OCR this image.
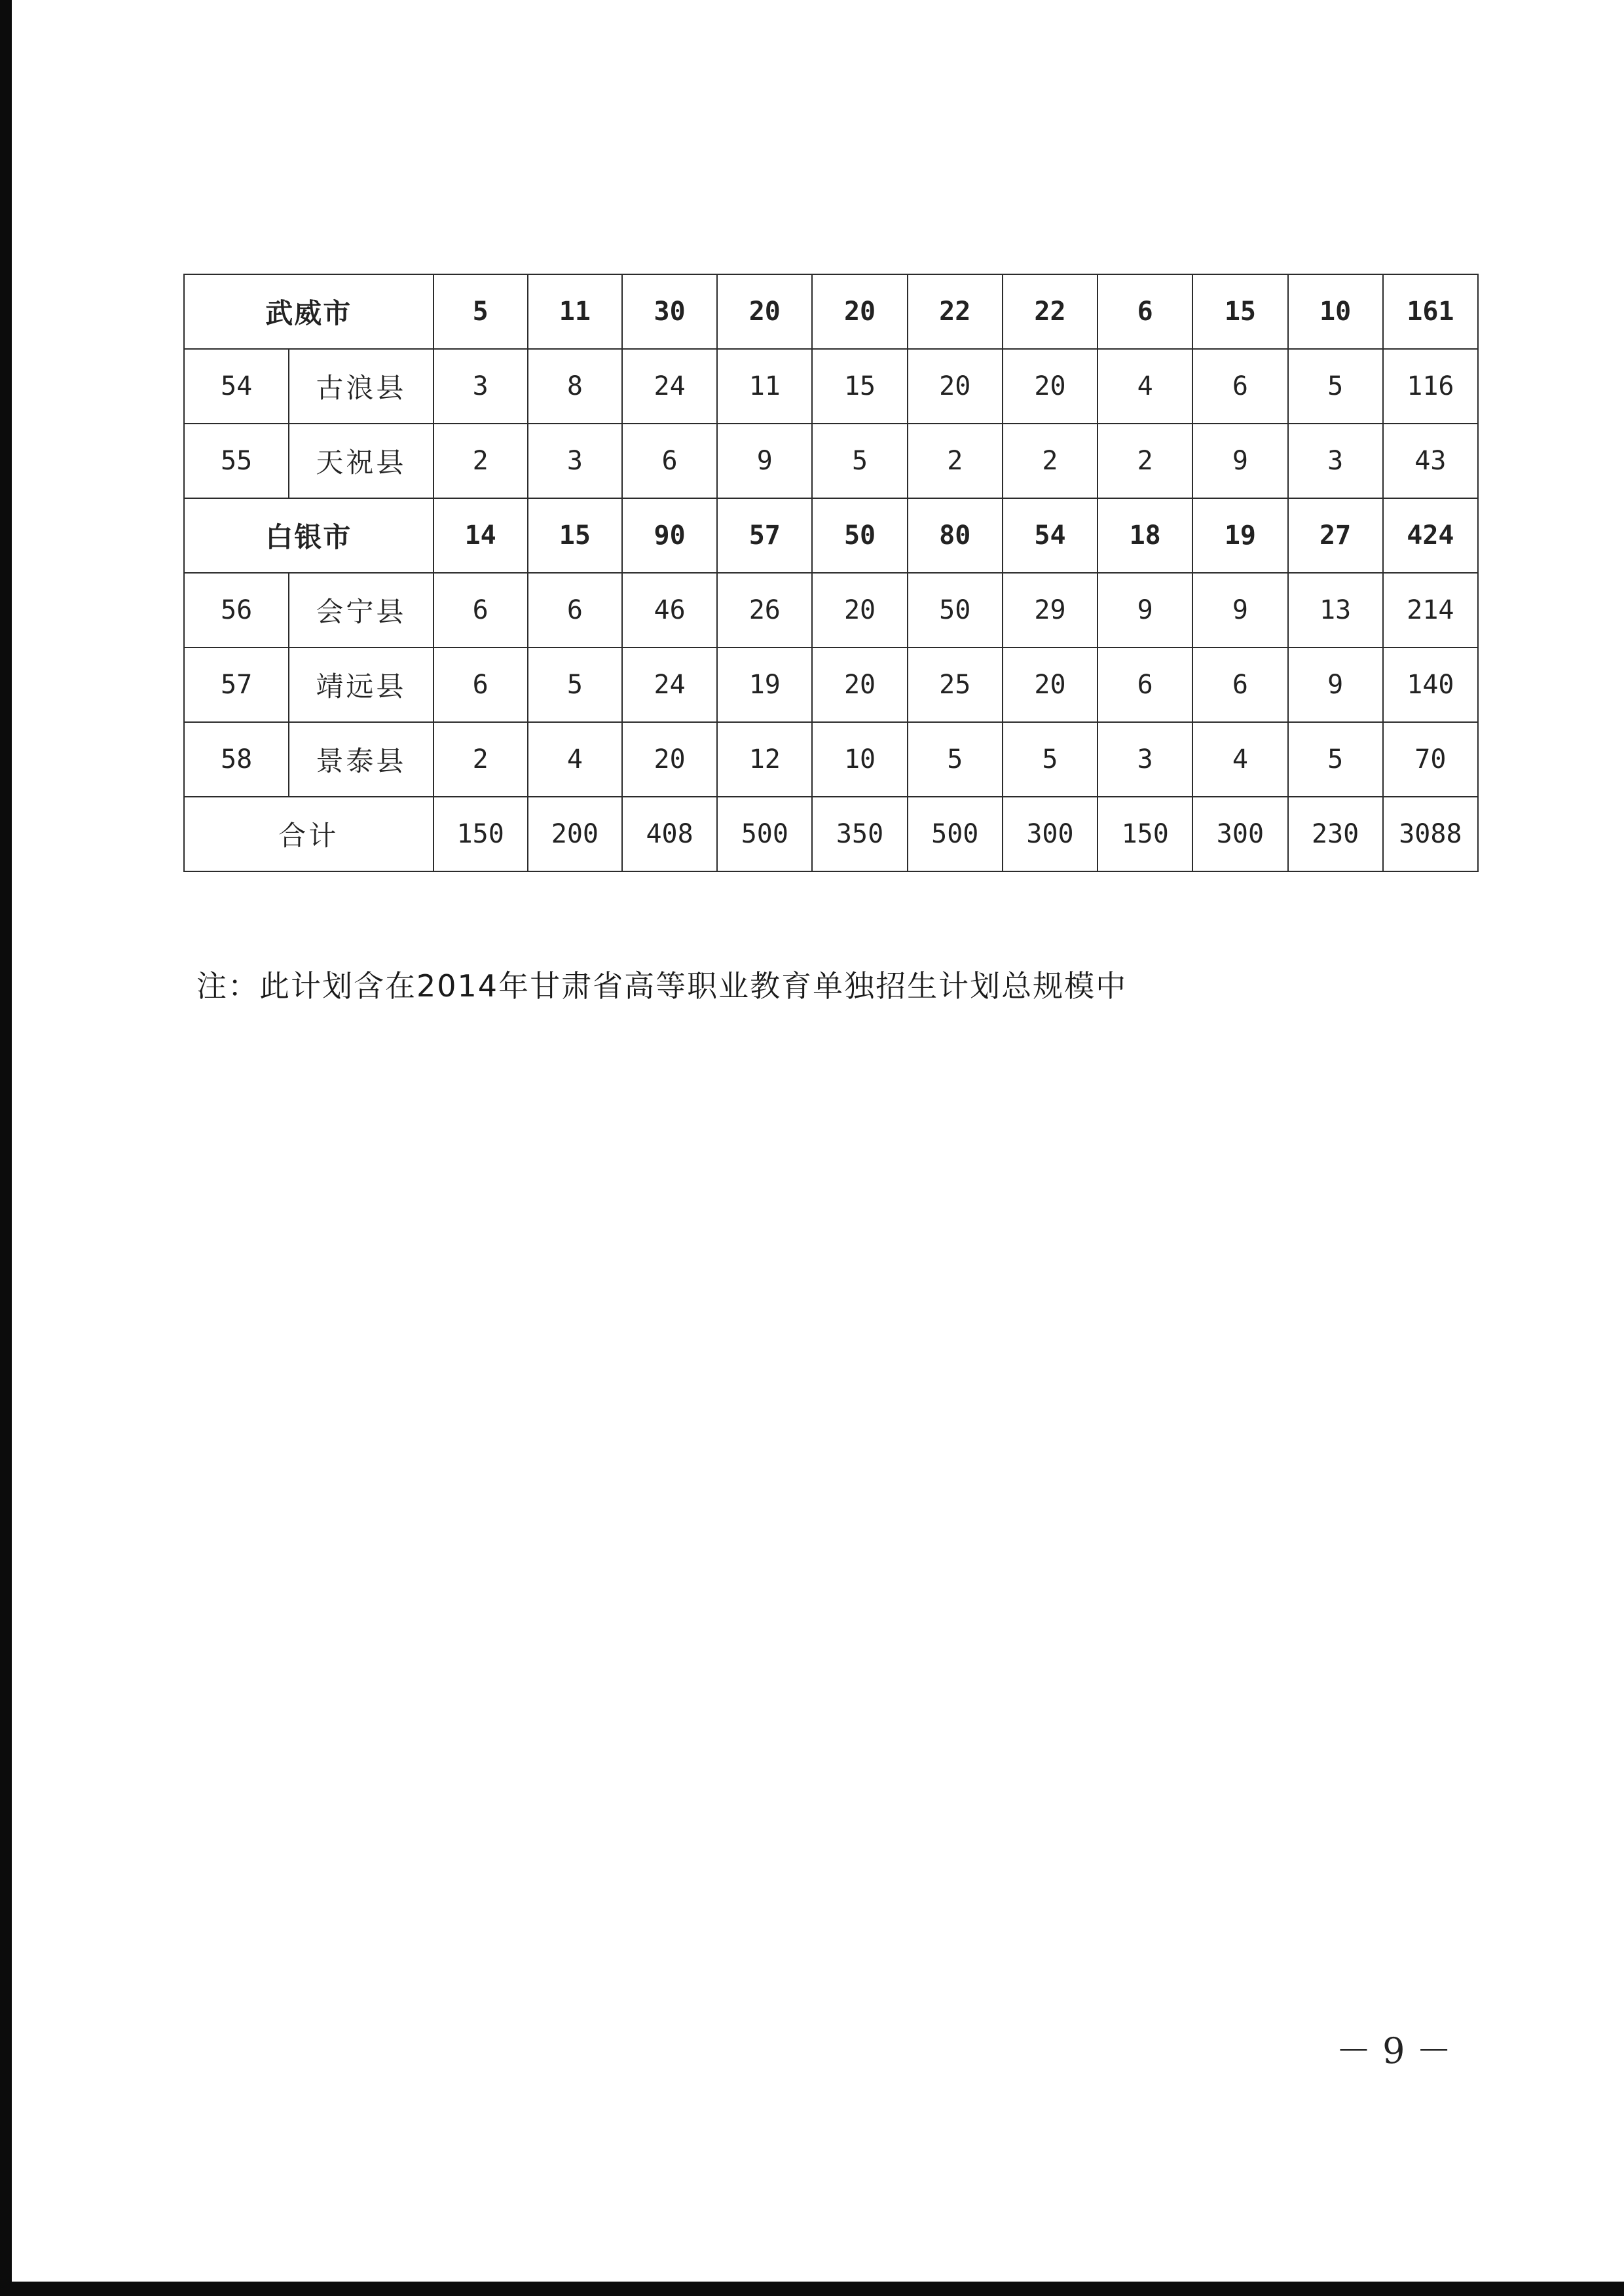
武威市		5	11	30	20	20	22	22	6	15	10	161
54	古浪县	3	8	24	11	15	20	20	4	6	5	116
55	天祝县	2	3	6	9	5	2	2	2	9	3	43
白银市		14	15	90	57	50	80	54	18	19	27	424
56	会宁县	6	6	46	26	20	50	29	9	9	13	214
57	靖远县	6	5	24	19	20	25	20	6	6	9	140
58	景泰县	2	4	20	12	10	5	5	3	4	5	70
合计		150	200	408	500	350	500	300	150	300	230	3088
注：此计划含在2014年甘肃省高等职业教育单独招生计划总规模中
－ 9 －
